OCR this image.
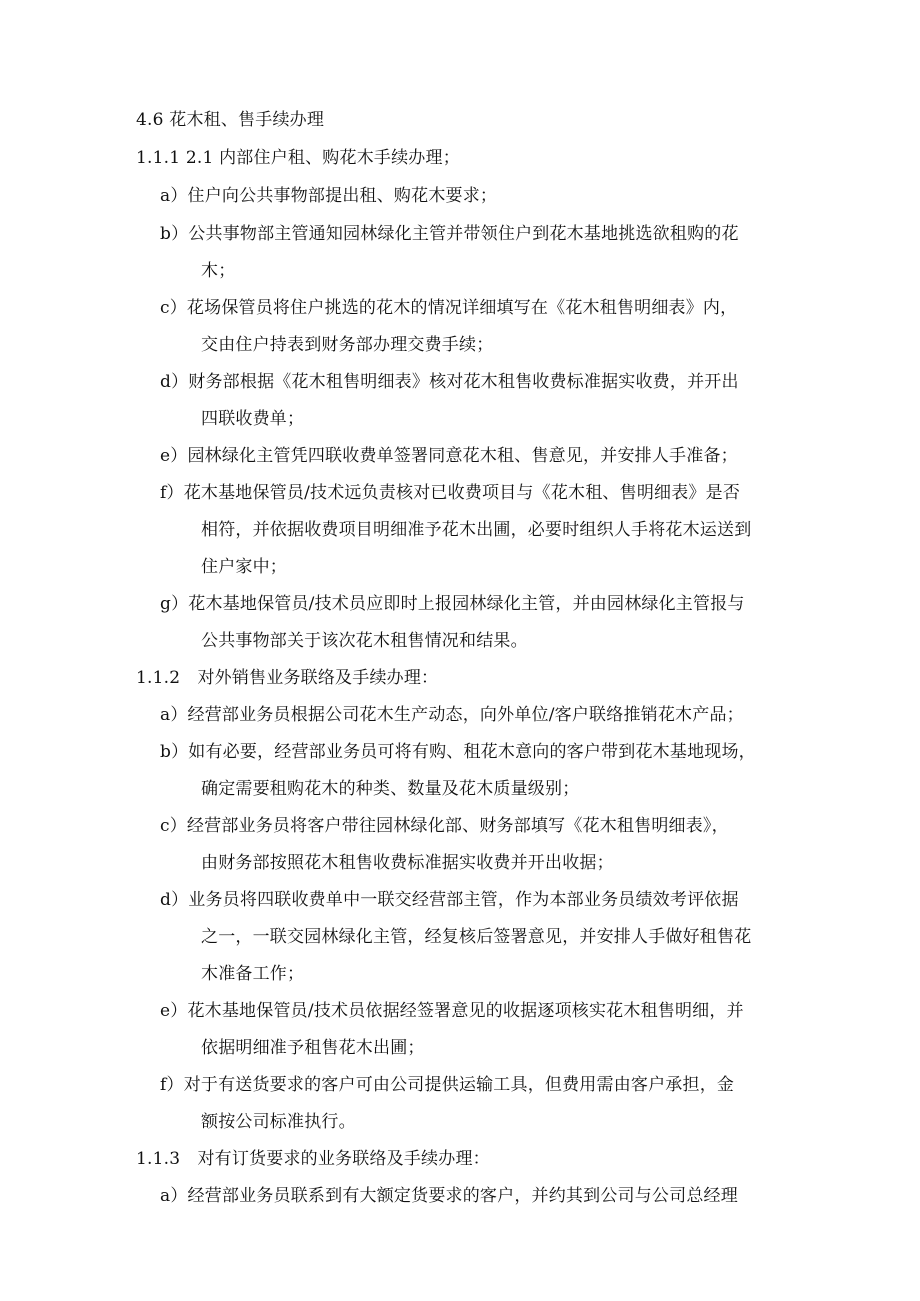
4.6 花木租、售手续办理
1.1.1 2.1 内部住户租、购花木手续办理；
a）住户向公共事物部提出租、购花木要求；
b）公共事物部主管通知园林绿化主管并带领住户到花木基地挑选欲租购的花
木；
c）花场保管员将住户挑选的花木的情况详细填写在《花木租售明细表》内，
交由住户持表到财务部办理交费手续；
d）财务部根据《花木租售明细表》核对花木租售收费标准据实收费，并开出
四联收费单；
e）园林绿化主管凭四联收费单签署同意花木租、售意见，并安排人手准备；
f）花木基地保管员/技术远负责核对已收费项目与《花木租、售明细表》是否
相符，并依据收费项目明细准予花木出圃，必要时组织人手将花木运送到
住户家中；
g）花木基地保管员/技术员应即时上报园林绿化主管，并由园林绿化主管报与
公共事物部关于该次花木租售情况和结果。
1.1.2　对外销售业务联络及手续办理：
a）经营部业务员根据公司花木生产动态，向外单位/客户联络推销花木产品；
b）如有必要，经营部业务员可将有购、租花木意向的客户带到花木基地现场，
确定需要租购花木的种类、数量及花木质量级别；
c）经营部业务员将客户带往园林绿化部、财务部填写《花木租售明细表》，
由财务部按照花木租售收费标准据实收费并开出收据；
d）业务员将四联收费单中一联交经营部主管，作为本部业务员绩效考评依据
之一，一联交园林绿化主管，经复核后签署意见，并安排人手做好租售花
木准备工作；
e）花木基地保管员/技术员依据经签署意见的收据逐项核实花木租售明细，并
依据明细准予租售花木出圃；
f）对于有送货要求的客户可由公司提供运输工具，但费用需由客户承担，金
额按公司标准执行。
1.1.3　对有订货要求的业务联络及手续办理：
a）经营部业务员联系到有大额定货要求的客户，并约其到公司与公司总经理
